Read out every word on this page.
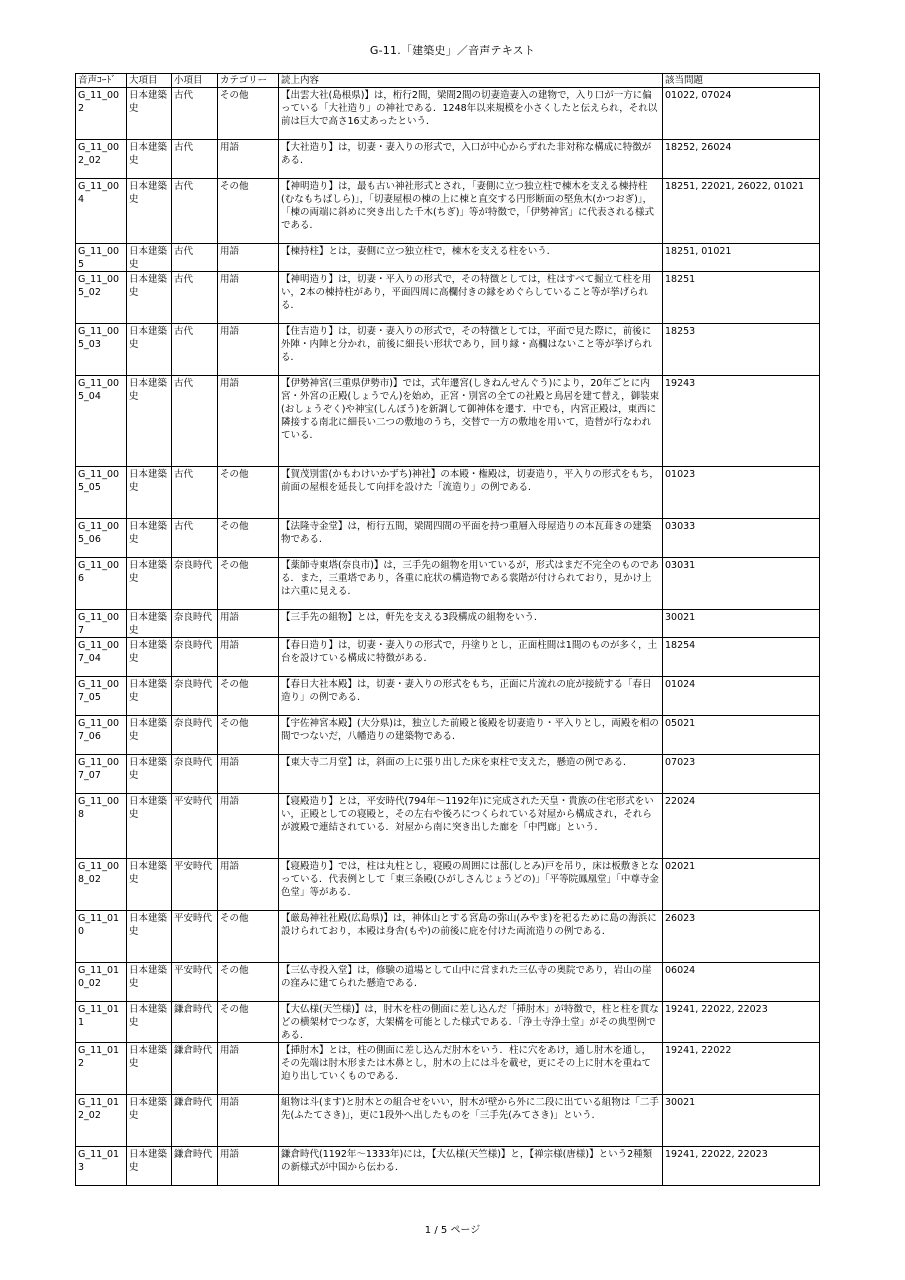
G-11.「建築史」／音声テキスト
音声ｺｰﾄﾞ	大項目	小項目	カテゴリー	読上内容	該当問題
G_11_002	日本建築史	古代	その他	【出雲大社(島根県)】は，桁行2間，梁間2間の切妻造妻入の建物で，入り口が一方に偏っている「大社造り」の神社である．1248年以来規模を小さくしたと伝えられ，それ以前は巨大で高さ16丈あったという．	01022, 07024
G_11_002_02	日本建築史	古代	用語	【大社造り】は，切妻・妻入りの形式で，入口が中心からずれた非対称な構成に特徴がある．	18252, 26024
G_11_004	日本建築史	古代	その他	【神明造り】は，最も古い神社形式とされ，「妻側に立つ独立柱で棟木を支える棟持柱(むなもちばしら)」，「切妻屋根の棟の上に棟と直交する円形断面の堅魚木(かつおぎ)」，「棟の両端に斜めに突き出した千木(ちぎ)」等が特徴で，「伊勢神宮」に代表される様式である．	18251, 22021, 26022, 01021
G_11_005	日本建築史	古代	用語	【棟持柱】とは，妻側に立つ独立柱で，棟木を支える柱をいう．	18251, 01021
G_11_005_02	日本建築史	古代	用語	【神明造り】は，切妻・平入りの形式で，その特徴としては，柱はすべて掘立て柱を用い，2本の棟持柱があり，平面四周に高欄付きの縁をめぐらしていること等が挙げられる．	18251
G_11_005_03	日本建築史	古代	用語	【住吉造り】は，切妻・妻入りの形式で，その特徴としては，平面で見た際に，前後に外陣・内陣と分かれ，前後に細長い形状であり，回り縁・高欄はないこと等が挙げられる．	18253
G_11_005_04	日本建築史	古代	用語	【伊勢神宮(三重県伊勢市)】では，式年遷宮(しきねんせんぐう)により，20年ごとに内宮・外宮の正殿(しょうでん)を始め，正宮・別宮の全ての社殿と鳥居を建て替え，御装束(おしょうぞく)や神宝(しんぽう)を新調して御神体を遷す．中でも，内宮正殿は，東西に隣接する南北に細長い二つの敷地のうち，交替で一方の敷地を用いて，造替が行なわれている．	19243
G_11_005_05	日本建築史	古代	その他	【賀茂別雷(かもわけいかずち)神社】の本殿・権殿は，切妻造り，平入りの形式をもち，前面の屋根を延長して向拝を設けた「流造り」の例である．	01023
G_11_005_06	日本建築史	古代	その他	【法隆寺金堂】は，桁行五間，梁間四間の平面を持つ重層入母屋造りの本瓦葺きの建築物である．	03033
G_11_006	日本建築史	奈良時代	その他	【薬師寺東塔(奈良市)】は，三手先の組物を用いているが，形式はまだ不完全のものである．また，三重塔であり，各重に庇状の構造物である裳階が付けられており，見かけ上は六重に見える．	03031
G_11_007	日本建築史	奈良時代	用語	【三手先の組物】とは，軒先を支える3段構成の組物をいう．	30021
G_11_007_04	日本建築史	奈良時代	用語	【春日造り】は，切妻・妻入りの形式で，丹塗りとし，正面柱間は1間のものが多く，土台を設けている構成に特徴がある．	18254
G_11_007_05	日本建築史	奈良時代	その他	【春日大社本殿】は，切妻・妻入りの形式をもち，正面に片流れの庇が接続する「春日造り」の例である．	01024
G_11_007_06	日本建築史	奈良時代	その他	【宇佐神宮本殿】(大分県)は，独立した前殿と後殿を切妻造り・平入りとし，両殿を相の間でつないだ，八幡造りの建築物である．	05021
G_11_007_07	日本建築史	奈良時代	用語	【東大寺二月堂】は，斜面の上に張り出した床を束柱で支えた，懸造の例である．	07023
G_11_008	日本建築史	平安時代	用語	【寝殿造り】とは，平安時代(794年～1192年)に完成された天皇・貴族の住宅形式をいい，正殿としての寝殿と，その左右や後ろにつくられている対屋から構成され，それらが渡殿で連結されている．対屋から南に突き出した廊を「中門廊」という．	22024
G_11_008_02	日本建築史	平安時代	用語	【寝殿造り】では，柱は丸柱とし，寝殿の周囲には蔀(しとみ)戸を吊り，床は板敷きとなっている．代表例として「東三条殿(ひがしさんじょうどの)」「平等院鳳凰堂」「中尊寺金色堂」等がある．	02021
G_11_010	日本建築史	平安時代	その他	【厳島神社社殿(広島県)】は，神体山とする宮島の弥山(みやま)を祀るために島の海浜に設けられており，本殿は身舎(もや)の前後に庇を付けた両流造りの例である．	26023
G_11_010_02	日本建築史	平安時代	その他	【三仏寺投入堂】は，修験の道場として山中に営まれた三仏寺の奥院であり，岩山の崖の窪みに建てられた懸造である．	06024
G_11_011	日本建築史	鎌倉時代	その他	【大仏様(天竺様)】は，肘木を柱の側面に差し込んだ「挿肘木」が特徴で，柱と柱を貫などの横架材でつなぎ，大架構を可能とした様式である．「浄土寺浄土堂」がその典型例である．	19241, 22022, 22023
G_11_012	日本建築史	鎌倉時代	用語	【挿肘木】とは，柱の側面に差し込んだ肘木をいう．柱に穴をあけ，通し肘木を通し，その先端は肘木形または木鼻とし，肘木の上には斗を載せ，更にその上に肘木を重ねて迫り出していくものである．	19241, 22022
G_11_012_02	日本建築史	鎌倉時代	用語	組物は斗(ます)と肘木との組合せをいい，肘木が壁から外に二段に出ている組物は「二手先(ふたてさき)」，更に1段外へ出したものを「三手先(みてさき)」という．	30021
G_11_013	日本建築史	鎌倉時代	用語	鎌倉時代(1192年～1333年)には，【大仏様(天竺様)】と，【禅宗様(唐様)】という2種類の新様式が中国から伝わる．	19241, 22022, 22023
1 / 5 ページ
